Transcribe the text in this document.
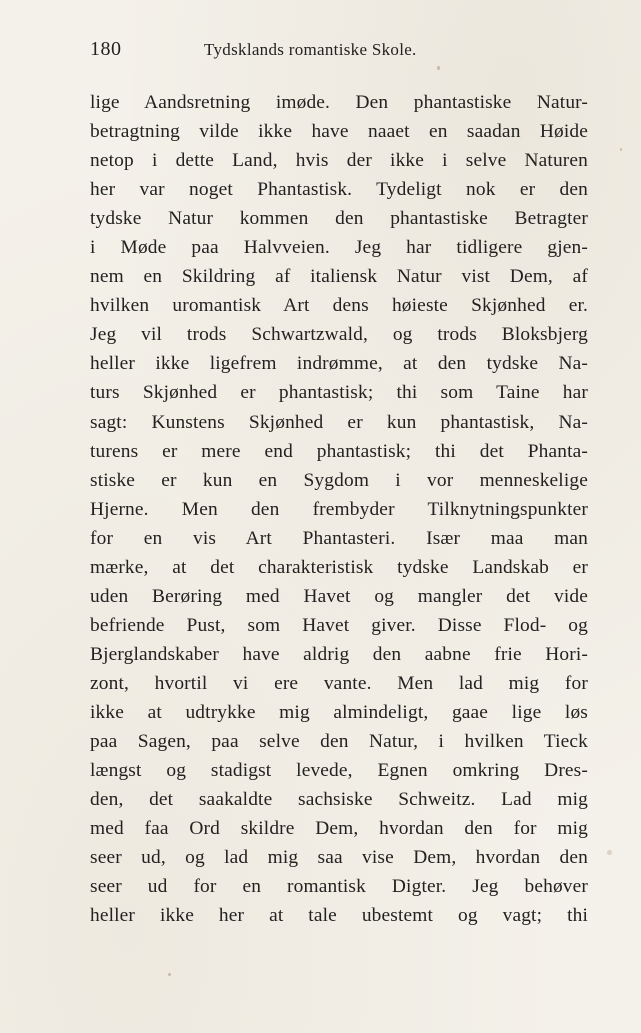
180	Tydsklands romantiske Skole.
lige Aandsretning imøde. Den phantastiske Natur-
betragtning vilde ikke have naaet en saadan Høide
netop i dette Land, hvis der ikke i selve Naturen
her var noget Phantastisk. Tydeligt nok er den
tydske Natur kommen den phantastiske Betragter
i Møde paa Halvveien. Jeg har tidligere gjen-
nem en Skildring af italiensk Natur vist Dem, af
hvilken uromantisk Art dens høieste Skjønhed er.
Jeg vil trods Schwartzwald, og trods Bloksbjerg
heller ikke ligefrem indrømme, at den tydske Na-
turs Skjønhed er phantastisk; thi som Taine har
sagt: Kunstens Skjønhed er kun phantastisk, Na-
turens er mere end phantastisk; thi det Phanta-
stiske er kun en Sygdom i vor menneskelige
Hjerne. Men den frembyder Tilknytningspunkter
for en vis Art Phantasteri. Især maa man
mærke, at det charakteristisk tydske Landskab er
uden Berøring med Havet og mangler det vide
befriende Pust, som Havet giver. Disse Flod- og
Bjerglandskaber have aldrig den aabne frie Hori-
zont, hvortil vi ere vante. Men lad mig for
ikke at udtrykke mig almindeligt, gaae lige løs
paa Sagen, paa selve den Natur, i hvilken Tieck
længst og stadigst levede, Egnen omkring Dres-
den, det saakaldte sachsiske Schweitz. Lad mig
med faa Ord skildre Dem, hvordan den for mig
seer ud, og lad mig saa vise Dem, hvordan den
seer ud for en romantisk Digter. Jeg behøver
heller ikke her at tale ubestemt og vagt; thi
